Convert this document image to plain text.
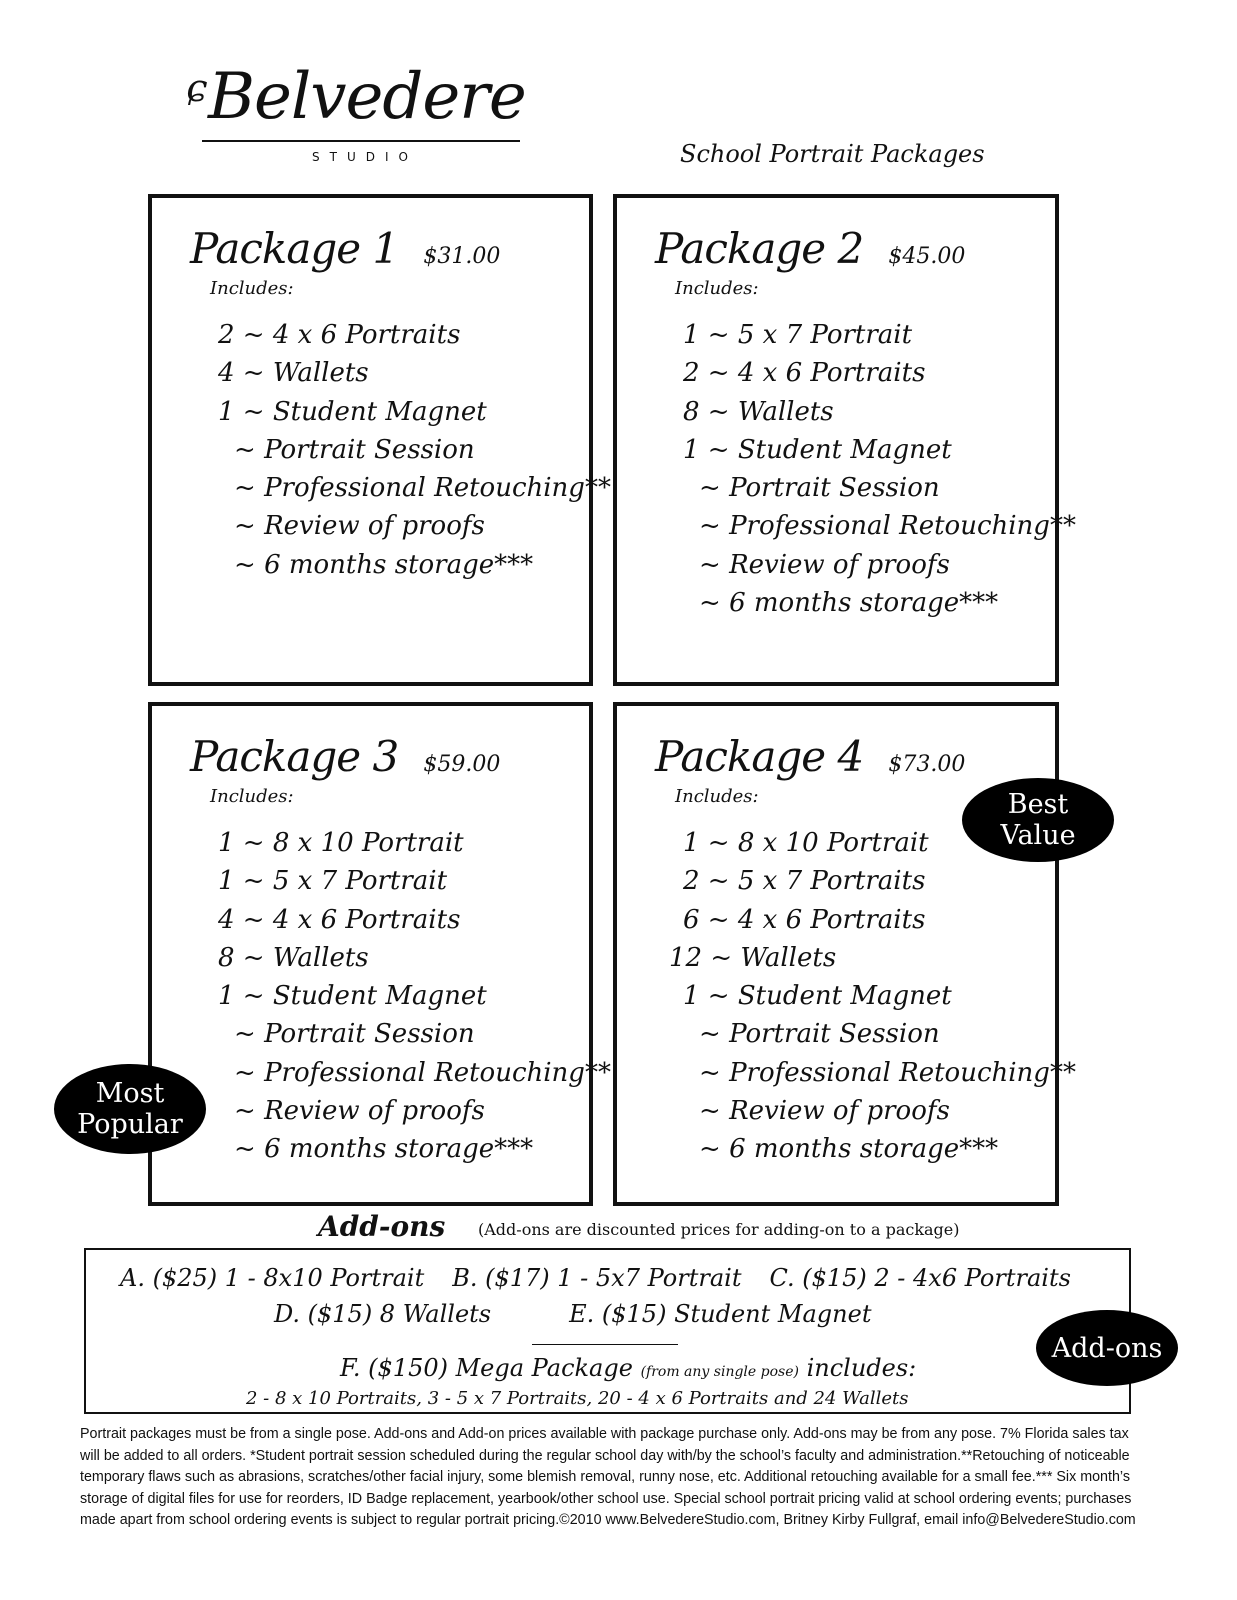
ɕ Belvedere
STUDIO	School Portrait Packages
Package 1 $31.00
Includes:
2 ~ 4 x 6 Portraits
4 ~ Wallets
1 ~ Student Magnet
~ Portrait Session
~ Professional Retouching**
~ Review of proofs
~ 6 months storage***
Package 2 $45.00
Includes:
1 ~ 5 x 7 Portrait
2 ~ 4 x 6 Portraits
8 ~ Wallets
1 ~ Student Magnet
~ Portrait Session
~ Professional Retouching**
~ Review of proofs
~ 6 months storage***
Package 3 $59.00
Includes:
1 ~ 8 x 10 Portrait
1 ~ 5 x 7 Portrait
4 ~ 4 x 6 Portraits
8 ~ Wallets
1 ~ Student Magnet
~ Portrait Session
~ Professional Retouching**
~ Review of proofs
~ 6 months storage***
Package 4 $73.00
Includes:
1 ~ 8 x 10 Portrait
2 ~ 5 x 7 Portraits
6 ~ 4 x 6 Portraits
12 ~ Wallets
1 ~ Student Magnet
~ Portrait Session
~ Professional Retouching**
~ Review of proofs
~ 6 months storage***
Best
Value
Most
Popular
Add-ons (Add-ons are discounted prices for adding-on to a package)
A. ($25) 1 - 8x10 Portrait B. ($17) 1 - 5x7 Portrait C. ($15) 2 - 4x6 Portraits
D. ($15) 8 Wallets	E. ($15) Student Magnet
F. ($150) Mega Package (from any single pose) includes:
2 - 8 x 10 Portraits, 3 - 5 x 7 Portraits, 20 - 4 x 6 Portraits and 24 Wallets
Add-ons
Portrait packages must be from a single pose. Add-ons and Add-on prices available with package purchase only. Add-ons may be from any pose. 7% Florida sales tax will be added to all orders. *Student portrait session scheduled during the regular school day with/by the school’s faculty and administration.**Retouching of noticeable temporary flaws such as abrasions, scratches/other facial injury, some blemish removal, runny nose, etc. Additional retouching available for a small fee.*** Six month’s storage of digital files for use for reorders, ID Badge replacement, yearbook/other school use. Special school portrait pricing valid at school ordering events; purchases made apart from school ordering events is subject to regular portrait pricing.©2010 www.BelvedereStudio.com, Britney Kirby Fullgraf, email info@BelvedereStudio.com
